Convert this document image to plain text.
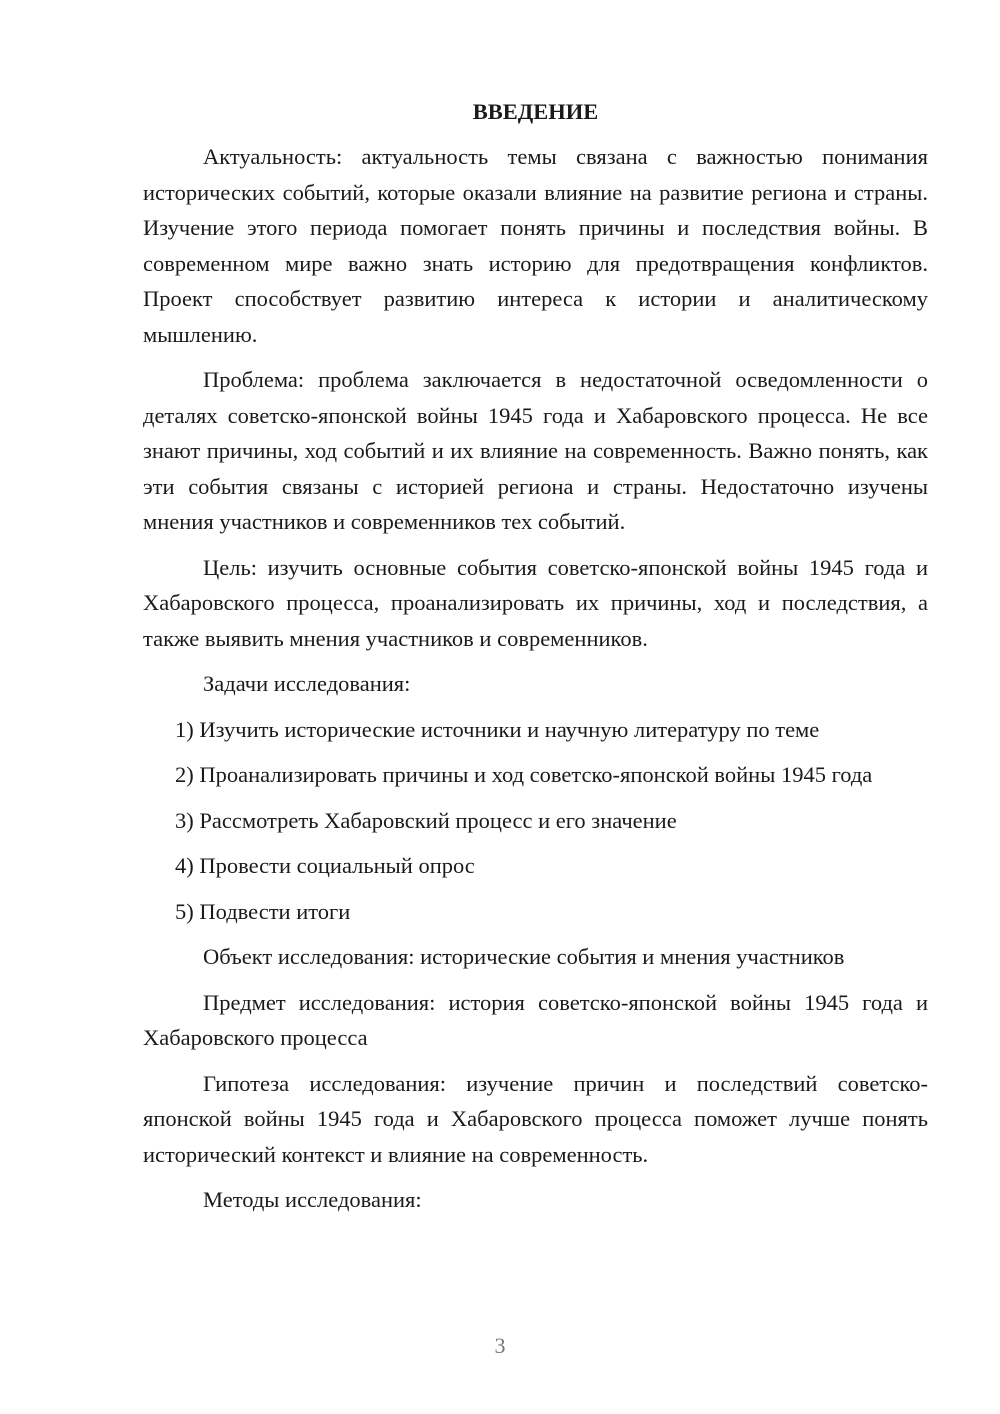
ВВЕДЕНИЕ

Актуальность: актуальность темы связана с важностью понимания исторических событий, которые оказали влияние на развитие региона и страны. Изучение этого периода помогает понять причины и последствия войны. В современном мире важно знать историю для предотвращения конфликтов. Проект способствует развитию интереса к истории и аналитическому мышлению.

Проблема: проблема заключается в недостаточной осведомленности о деталях советско-японской войны 1945 года и Хабаровского процесса. Не все знают причины, ход событий и их влияние на современность. Важно понять, как эти события связаны с историей региона и страны. Недостаточно изучены мнения участников и современников тех событий.

Цель: изучить основные события советско-японской войны 1945 года и Хабаровского процесса, проанализировать их причины, ход и последствия, а также выявить мнения участников и современников.

Задачи исследования:

1) Изучить исторические источники и научную литературу по теме
2) Проанализировать причины и ход советско-японской войны 1945 года
3) Рассмотреть Хабаровский процесс и его значение
4) Провести социальный опрос
5) Подвести итоги

Объект исследования: исторические события и мнения участников

Предмет исследования: история советско-японской войны 1945 года и Хабаровского процесса

Гипотеза исследования: изучение причин и последствий советско-японской войны 1945 года и Хабаровского процесса поможет лучше понять исторический контекст и влияние на современность.

Методы исследования:

3
